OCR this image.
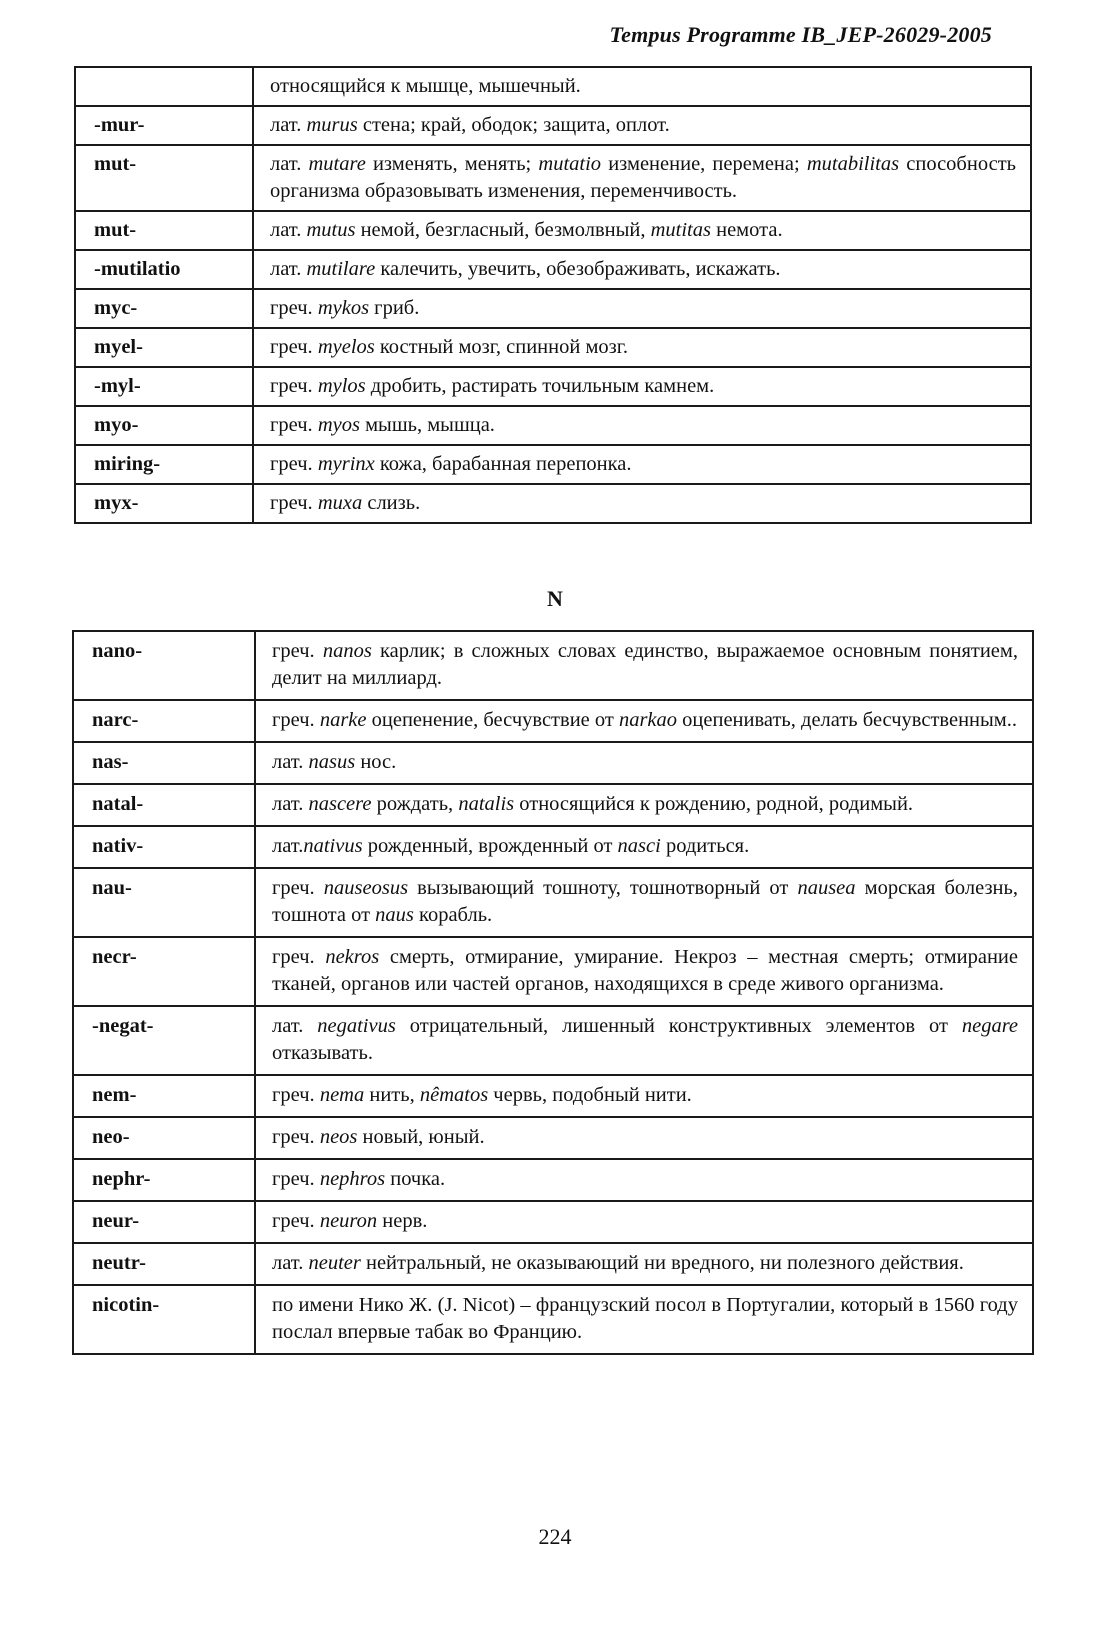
Tempus Programme IB_JEP-26029-2005
	относящийся к мышце, мышечный.
-mur-	лат. murus стена; край, ободок; защита, оплот.
mut-	лат. mutare изменять, менять; mutatio изменение, перемена; mutabilitas способность организма образовывать изменения, переменчивость.
mut-	лат. mutus немой, безгласный, безмолвный, mutitas немота.
-mutilatio	лат. mutilare калечить, увечить, обезображивать, искажать.
myc-	греч. mykos гриб.
myel-	греч. myelos костный мозг, спинной мозг.
-myl-	греч. mylos дробить, растирать точильным камнем.
myo-	греч. myos мышь, мышца.
miring-	греч. myrinx кожа, барабанная перепонка.
myx-	греч. muxa слизь.
N
nano-	греч. nanos карлик; в сложных словах единство, выражаемое основным понятием, делит на миллиард.
narc-	греч. narke оцепенение, бесчувствие от narkao оцепенивать, делать бесчувственным..
nas-	лат. nasus нос.
natal-	лат. nascere рождать, natalis относящийся к рождению, родной, родимый.
nativ-	лат.nativus рожденный, врожденный от nasci родиться.
nau-	греч. nauseosus вызывающий тошноту, тошнотворный от nausea морская болезнь, тошнота от naus корабль.
necr-	греч. nekros смерть, отмирание, умирание. Некроз – местная смерть; отмирание тканей, органов или частей органов, находящихся в среде живого организма.
-negat-	лат. negativus отрицательный, лишенный конструктивных элементов от negare отказывать.
nem-	греч. nema нить, nêmatos червь, подобный нити.
neo-	греч. neos новый, юный.
nephr-	греч. nephros почка.
neur-	греч. neuron нерв.
neutr-	лат. neuter нейтральный, не оказывающий ни вредного, ни полезного действия.
nicotin-	по имени Нико Ж. (J. Nicot) – французский посол в Португалии, который в 1560 году послал впервые табак во Францию.
224
